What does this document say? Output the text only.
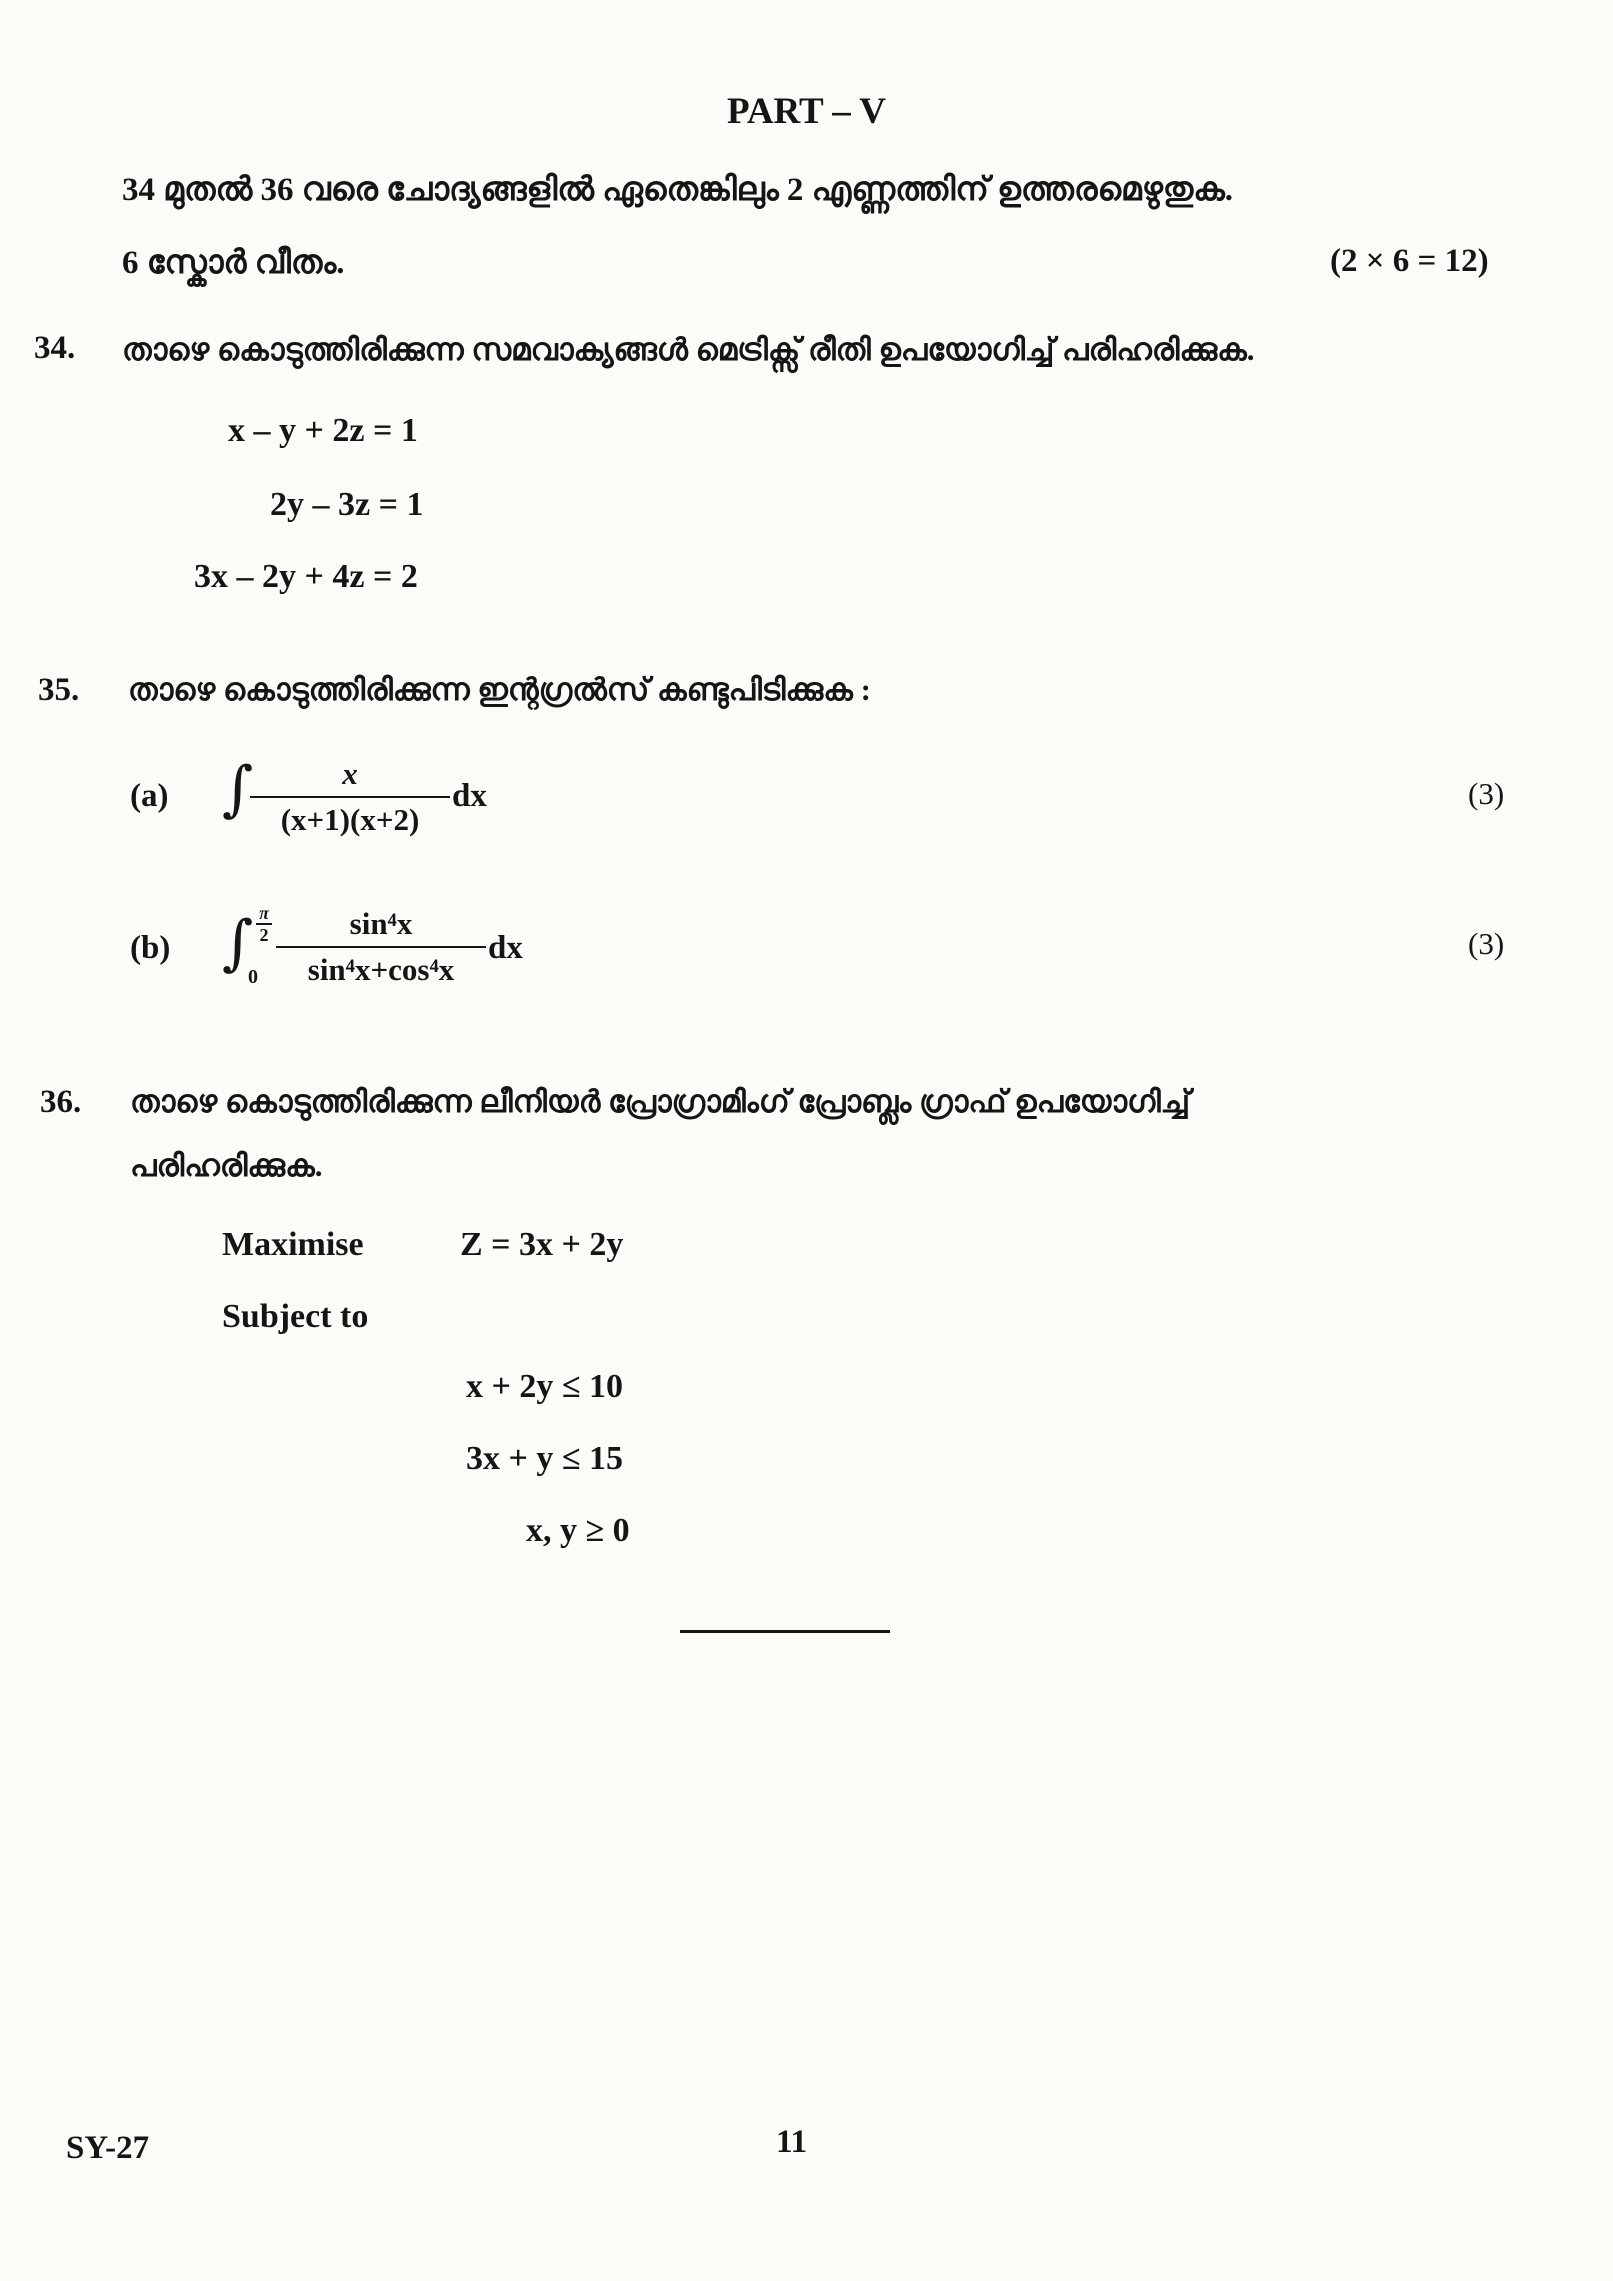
PART – V
34 മുതൽ 36 വരെ ചോദ്യങ്ങളിൽ ഏതെങ്കിലും 2 എണ്ണത്തിന് ഉത്തരമെഴുതുക.
6 സ്കോർ വീതം.	(2 × 6 = 12)
34. താഴെ കൊടുത്തിരിക്കുന്ന സമവാക്യങ്ങൾ മെട്രിക്സ് രീതി ഉപയോഗിച്ച് പരിഹരിക്കുക.
x – y + 2z = 1
2y – 3z = 1
3x – 2y + 4z = 2
35. താഴെ കൊടുത്തിരിക്കുന്ന ഇന്റഗ്രൽസ് കണ്ടുപിടിക്കുക :
(a) ∫	x
(x+1)(x+2)
dx	(3)
(b) ∫ π
2
0
sin⁴x
sin⁴x+cos⁴x
dx	(3)
36. താഴെ കൊടുത്തിരിക്കുന്ന ലീനിയർ പ്രോഗ്രാമിംഗ് പ്രോബ്ലം ഗ്രാഫ് ഉപയോഗിച്ച്
പരിഹരിക്കുക.
Maximise	Z = 3x + 2y
Subject to
x + 2y ≤ 10
3x + y ≤ 15
x, y ≥ 0
SY-27	11
